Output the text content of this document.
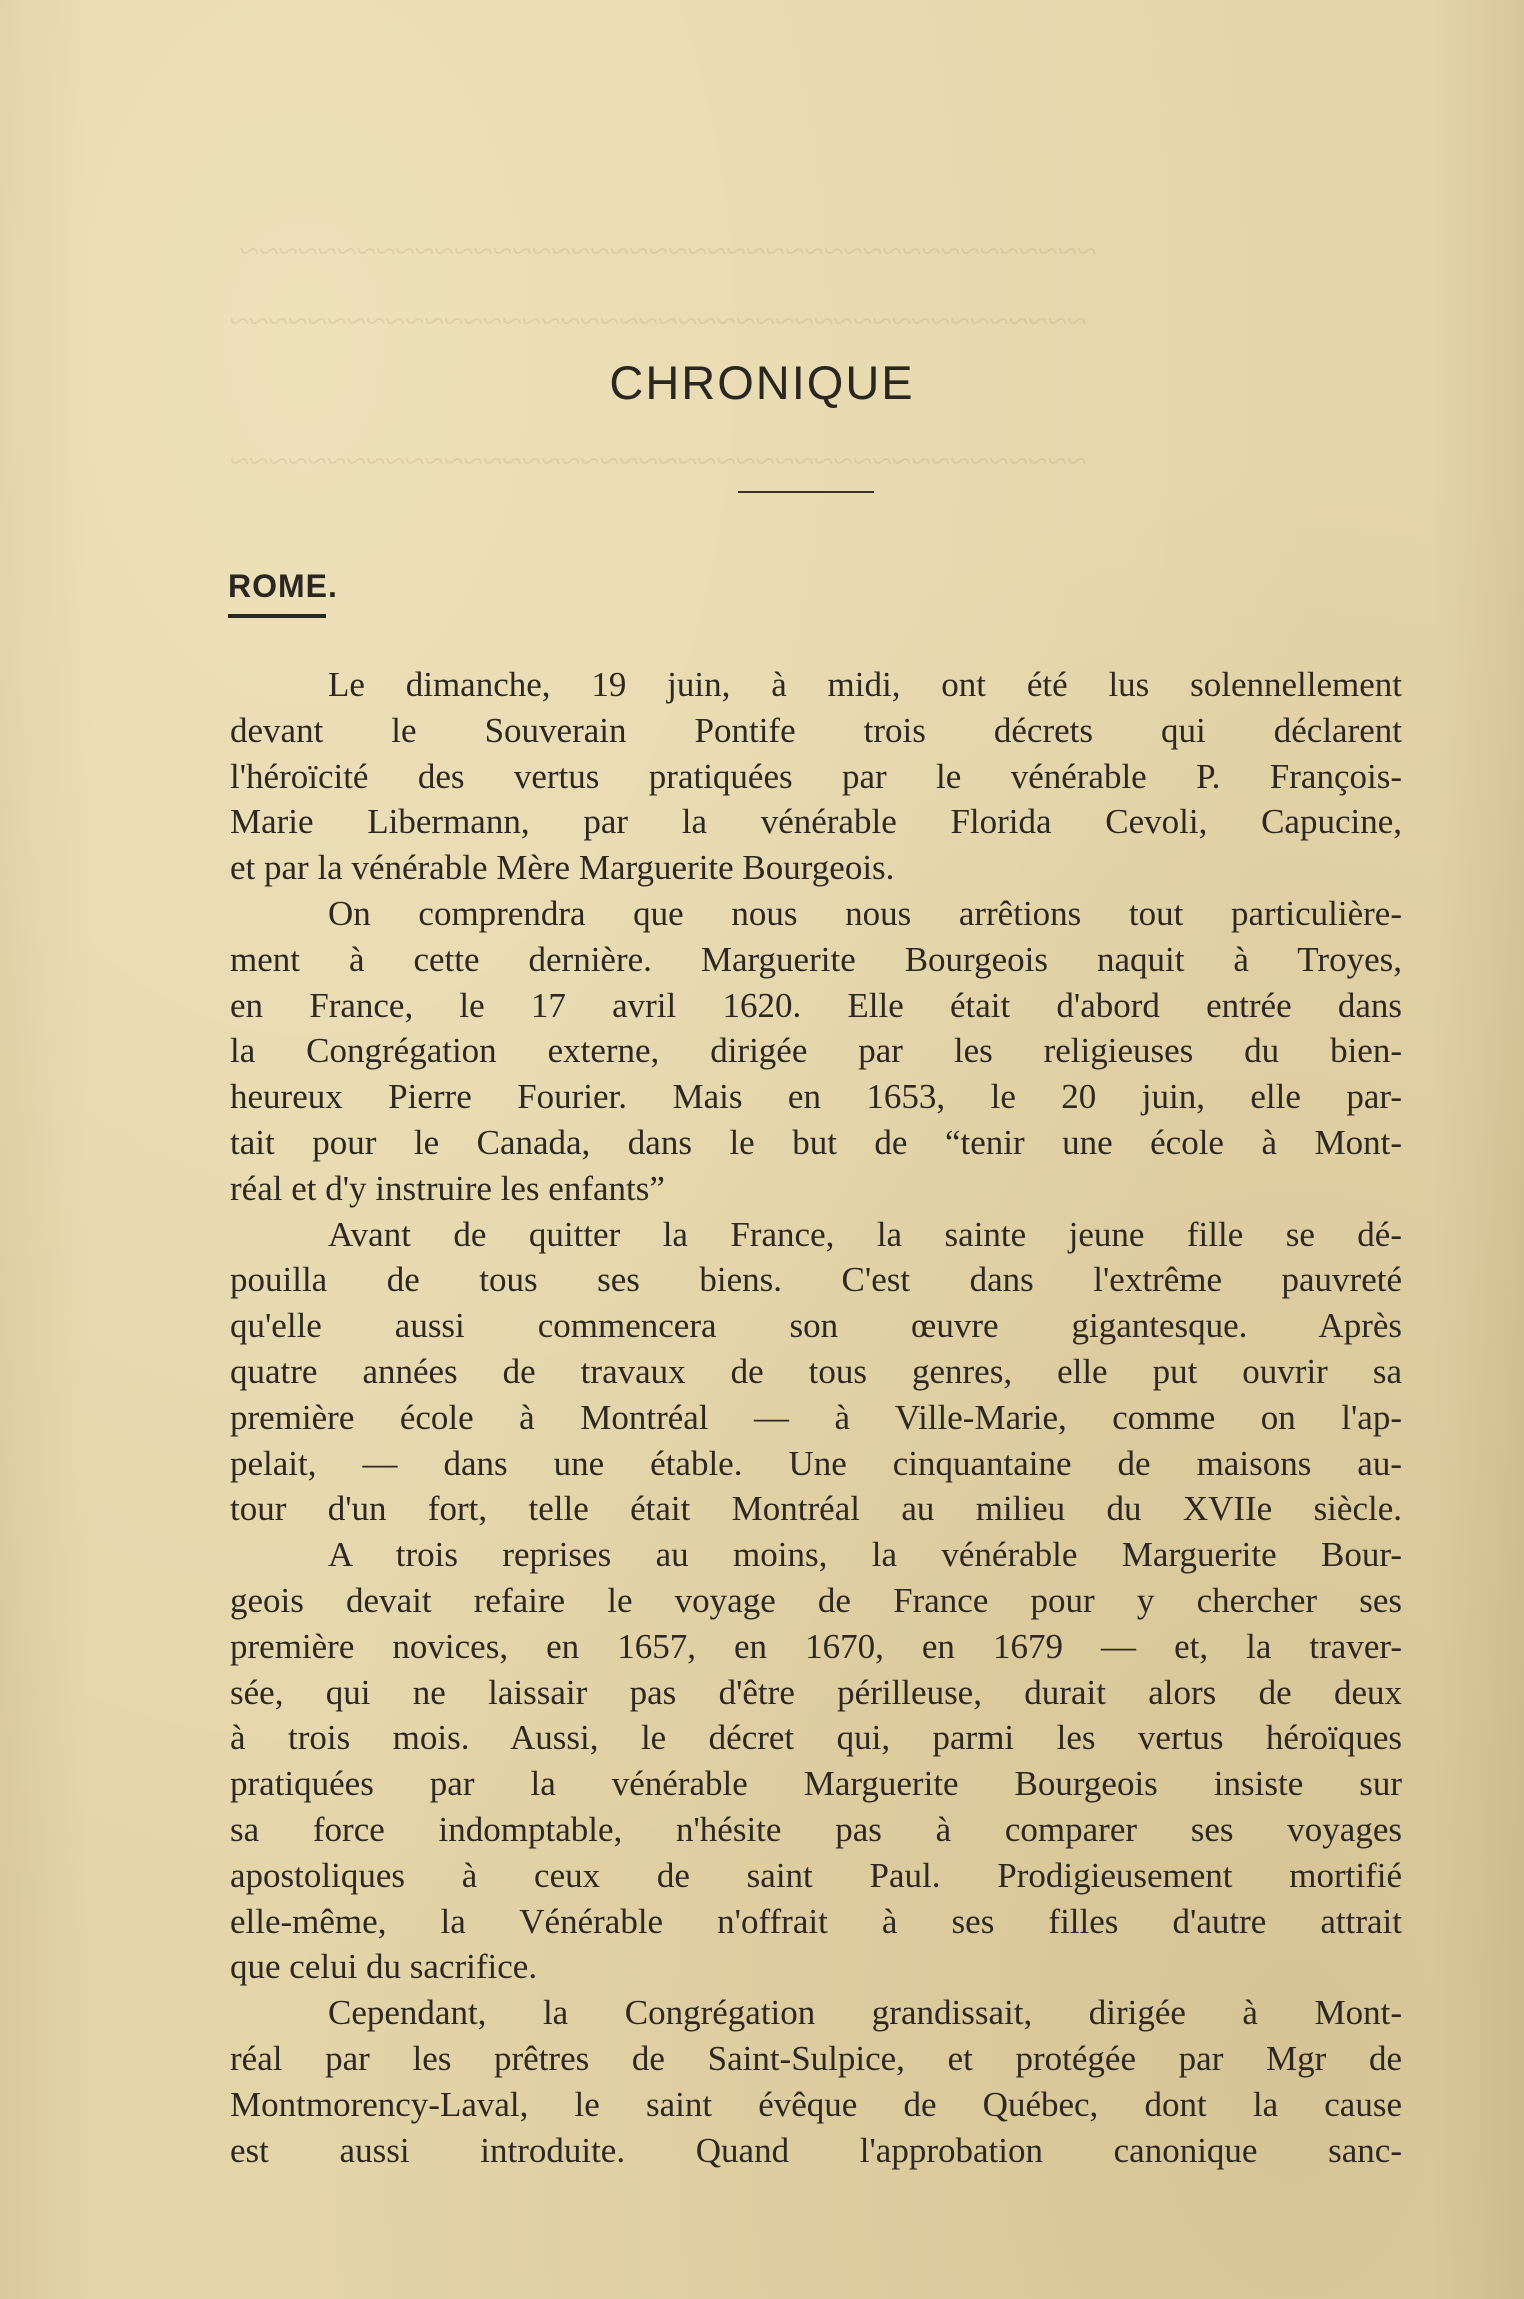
~~~~~~~~~~~~~~~~~~~~~~~~~~~~~~~~~~~~~~~~~~~~
~~~~~~~~~~~~~~~~~~~~~~~~~~~~~~~~~~~~~~~~~~~~
~~~~~~~~~~~~~~~~~~~~~~~~~~~~~~~~~~~~~~~~~~~~
CHRONIQUE
ROME.
Le dimanche, 19 juin, à midi, ont été lus solennellement
devant le Souverain Pontife trois décrets qui déclarent
l'héroïcité des vertus pratiquées par le vénérable P. François-
Marie Libermann, par la vénérable Florida Cevoli, Capucine,
et par la vénérable Mère Marguerite Bourgeois.
On comprendra que nous nous arrêtions tout particulière-
ment à cette dernière. Marguerite Bourgeois naquit à Troyes,
en France, le 17 avril 1620. Elle était d'abord entrée dans
la Congrégation externe, dirigée par les religieuses du bien-
heureux Pierre Fourier. Mais en 1653, le 20 juin, elle par-
tait pour le Canada, dans le but de “tenir une école à Mont-
réal et d'y instruire les enfants”
Avant de quitter la France, la sainte jeune fille se dé-
pouilla de tous ses biens. C'est dans l'extrême pauvreté
qu'elle aussi commencera son œuvre gigantesque. Après
quatre années de travaux de tous genres, elle put ouvrir sa
première école à Montréal — à Ville-Marie, comme on l'ap-
pelait, — dans une étable. Une cinquantaine de maisons au-
tour d'un fort, telle était Montréal au milieu du XVIIe siècle.
A trois reprises au moins, la vénérable Marguerite Bour-
geois devait refaire le voyage de France pour y chercher ses
première novices, en 1657, en 1670, en 1679 — et, la traver-
sée, qui ne laissair pas d'être périlleuse, durait alors de deux
à trois mois. Aussi, le décret qui, parmi les vertus héroïques
pratiquées par la vénérable Marguerite Bourgeois insiste sur
sa force indomptable, n'hésite pas à comparer ses voyages
apostoliques à ceux de saint Paul. Prodigieusement mortifié
elle-même, la Vénérable n'offrait à ses filles d'autre attrait
que celui du sacrifice.
Cependant, la Congrégation grandissait, dirigée à Mont-
réal par les prêtres de Saint-Sulpice, et protégée par Mgr de
Montmorency-Laval, le saint évêque de Québec, dont la cause
est aussi introduite. Quand l'approbation canonique sanc-
